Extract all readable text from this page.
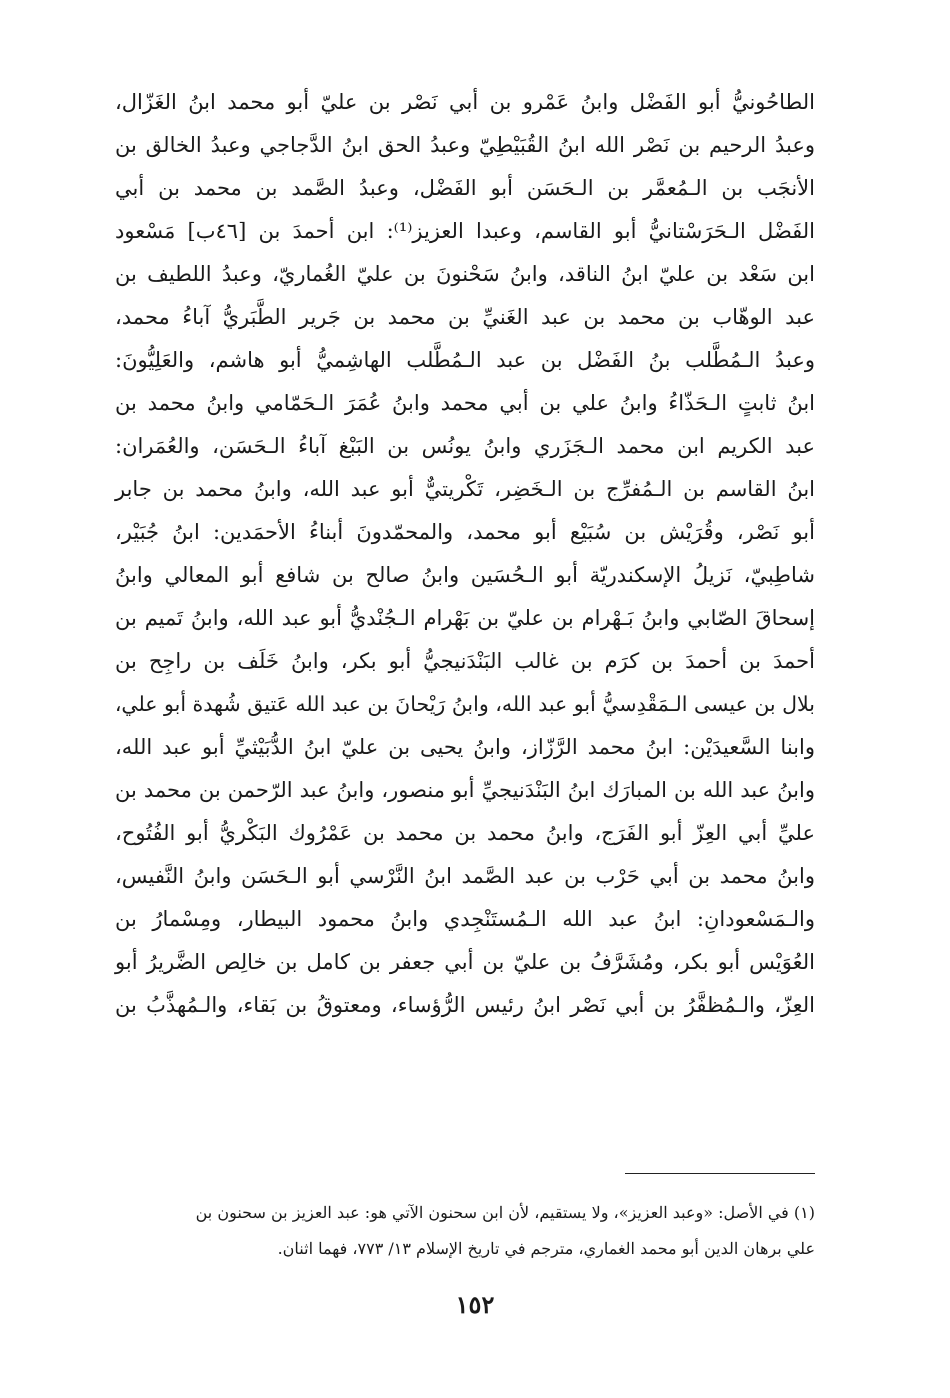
الطاحُونيُّ أبو الفَضْل وابنُ عَمْرو بن أبي نَصْر بن عليّ أبو محمد ابنُ الغَزّال،
وعبدُ الرحيم بن نَصْر الله ابنُ القُبَيْطِيّ وعبدُ الحق ابنُ الدَّجاجي وعبدُ الخالق بن
الأنجَب بن الـمُعمَّر بن الـحَسَن أبو الفَضْل، وعبدُ الصَّمد بن محمد بن أبي
الفَضْل الـحَرَسْتانيُّ أبو القاسم، وعبدا العزيز⁽¹⁾: ابن أحمدَ بن [٤٦ب] مَسْعود
ابن سَعْد بن عليّ ابنُ الناقد، وابنُ سَحْنونَ بن عليّ الغُماريّ، وعبدُ اللطيف بن
عبد الوهّاب بن محمد بن عبد الغَنيِّ بن محمد بن جَرير الطَّبَريُّ آباءُ محمد،
وعبدُ الـمُطَّلب بنُ الفَضْل بن عبد الـمُطَّلب الهاشِميُّ أبو هاشم، والعَلِيُّونَ:
ابنُ ثابتٍ الـحَذّاءُ وابنُ علي بن أبي محمد وابنُ عُمَرَ الـحَمّامي وابنُ محمد بن
عبد الكريم ابن محمد الـجَزَري وابنُ يونُس بن البَبْغ آباءُ الـحَسَن، والعُمَران:
ابنُ القاسم بن الـمُفرِّج بن الـخَضِر، تَكْريتيٌّ أبو عبد الله، وابنُ محمد بن جابر
أبو نَصْر، وقُرَيْش بن سُبَيْع أبو محمد، والمحمّدونَ أبناءُ الأحمَدين: ابنُ جُبَيْر،
شاطِبيّ، نَزيلُ الإسكندريّة أبو الـحُسَين وابنُ صالح بن شافع أبو المعالي وابنُ
إسحاقَ الصّابي وابنُ بَـهْرام بن عليّ بن بَهْرام الـجُنْديُّ أبو عبد الله، وابنُ تَميم بن
أحمدَ بن أحمدَ بن كرَم بن غالب البَنْدَنيجيُّ أبو بكر، وابنُ خَلَف بن راجِح بن
بلال بن عيسى الـمَقْدِسيُّ أبو عبد الله، وابنُ رَيْحانَ بن عبد الله عَتيق شُهدة أبو علي،
وابنا السَّعيدَيْن: ابنُ محمد الرَّزّاز، وابنُ يحيى بن عليّ ابنُ الدُّبَيْثيِّ أبو عبد الله،
وابنُ عبد الله بن المبارَك ابنُ البَنْدَنيجيِّ أبو منصور، وابنُ عبد الرّحمن بن محمد بن
عليِّ أبي العِزّ أبو الفَرَج، وابنُ محمد بن محمد بن عَمْرُوك البَكْريُّ أبو الفُتُوح،
وابنُ محمد بن أبي حَرْب بن عبد الصَّمد ابنُ النَّرْسي أبو الـحَسَن وابنُ النَّفيس،
والـمَسْعودانِ: ابنُ عبد الله الـمُستَنْجِدي وابنُ محمود البيطار، ومِسْمارُ بن
العُوَيْس أبو بكر، ومُشَرَّفُ بن عليّ بن أبي جعفر بن كامل بن خالِص الضَّريرُ أبو
العِزّ، والـمُظفَّرُ بن أبي نَصْر ابنُ رئيس الرُّؤساء، ومعتوقُ بن بَقاء، والـمُهذَّبُ بن
(١) في الأصل: «وعبد العزيز»، ولا يستقيم، لأن ابن سحنون الآتي هو: عبد العزيز بن سحنون بن
علي برهان الدين أبو محمد الغماري، مترجم في تاريخ الإسلام ١٣/ ٧٧٣، فهما اثنان.
١٥٢
